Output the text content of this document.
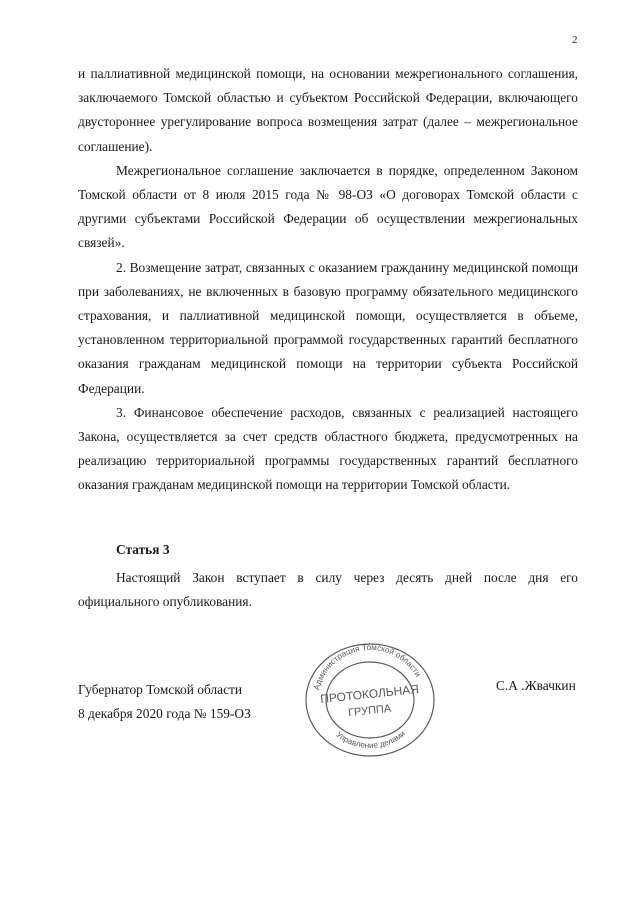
2

и паллиативной медицинской помощи, на основании межрегионального соглашения, заключаемого Томской областью и субъектом Российской Федерации, включающего двустороннее урегулирование вопроса возмещения затрат (далее – межрегиональное соглашение).

Межрегиональное соглашение заключается в порядке, определенном Законом Томской области от 8 июля 2015 года № 98-ОЗ «О договорах Томской области с другими субъектами Российской Федерации об осуществлении межрегиональных связей».

2. Возмещение затрат, связанных с оказанием гражданину медицинской помощи при заболеваниях, не включенных в базовую программу обязательного медицинского страхования, и паллиативной медицинской помощи, осуществляется в объеме, установленном территориальной программой государственных гарантий бесплатного оказания гражданам медицинской помощи на территории субъекта Российской Федерации.

3. Финансовое обеспечение расходов, связанных с реализацией настоящего Закона, осуществляется за счет средств областного бюджета, предусмотренных на реализацию территориальной программы государственных гарантий бесплатного оказания гражданам медицинской помощи на территории Томской области.

Статья 3

Настоящий Закон вступает в силу через десять дней после дня его официального опубликования.

Губернатор Томской области
8 декабря 2020 года № 159-ОЗ
С.А .Жвачкин
Администрация Томской области
Управление делами
ПРОТОКОЛЬНАЯ
ГРУППА
